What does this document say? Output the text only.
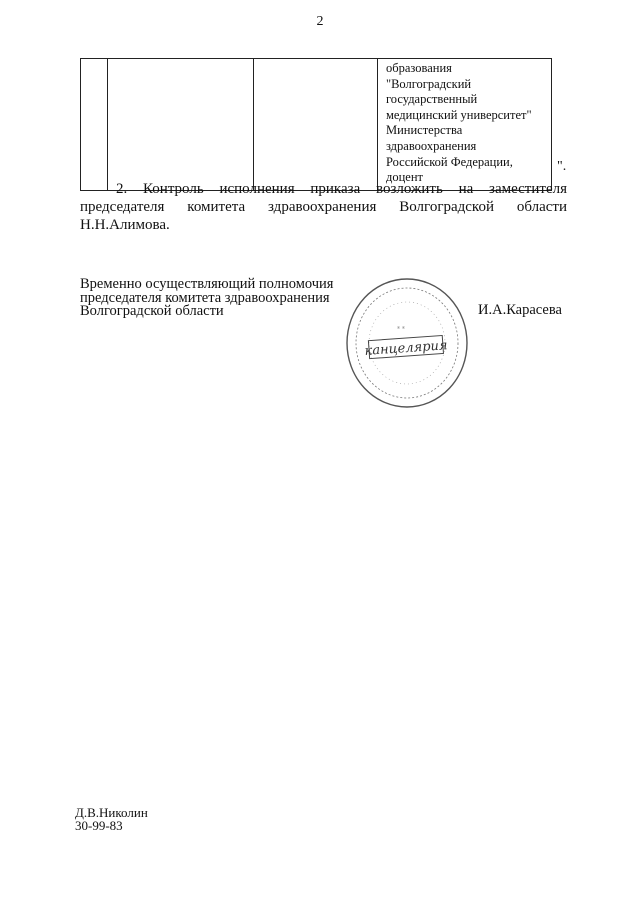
2

образования
"Волгоградский
государственный
медицинский университет"
Министерства
здравоохранения
Российской Федерации,
доцент
".
2. Контроль исполнения приказа возложить на заместителя председателя комитета здравоохранения Волгоградской области Н.Н.Алимова.
Временно осуществляющий полномочия
председателя комитета здравоохранения
Волгоградской области
* *
канцелярия
И.А.Карасева
Д.В.Николин
30-99-83
